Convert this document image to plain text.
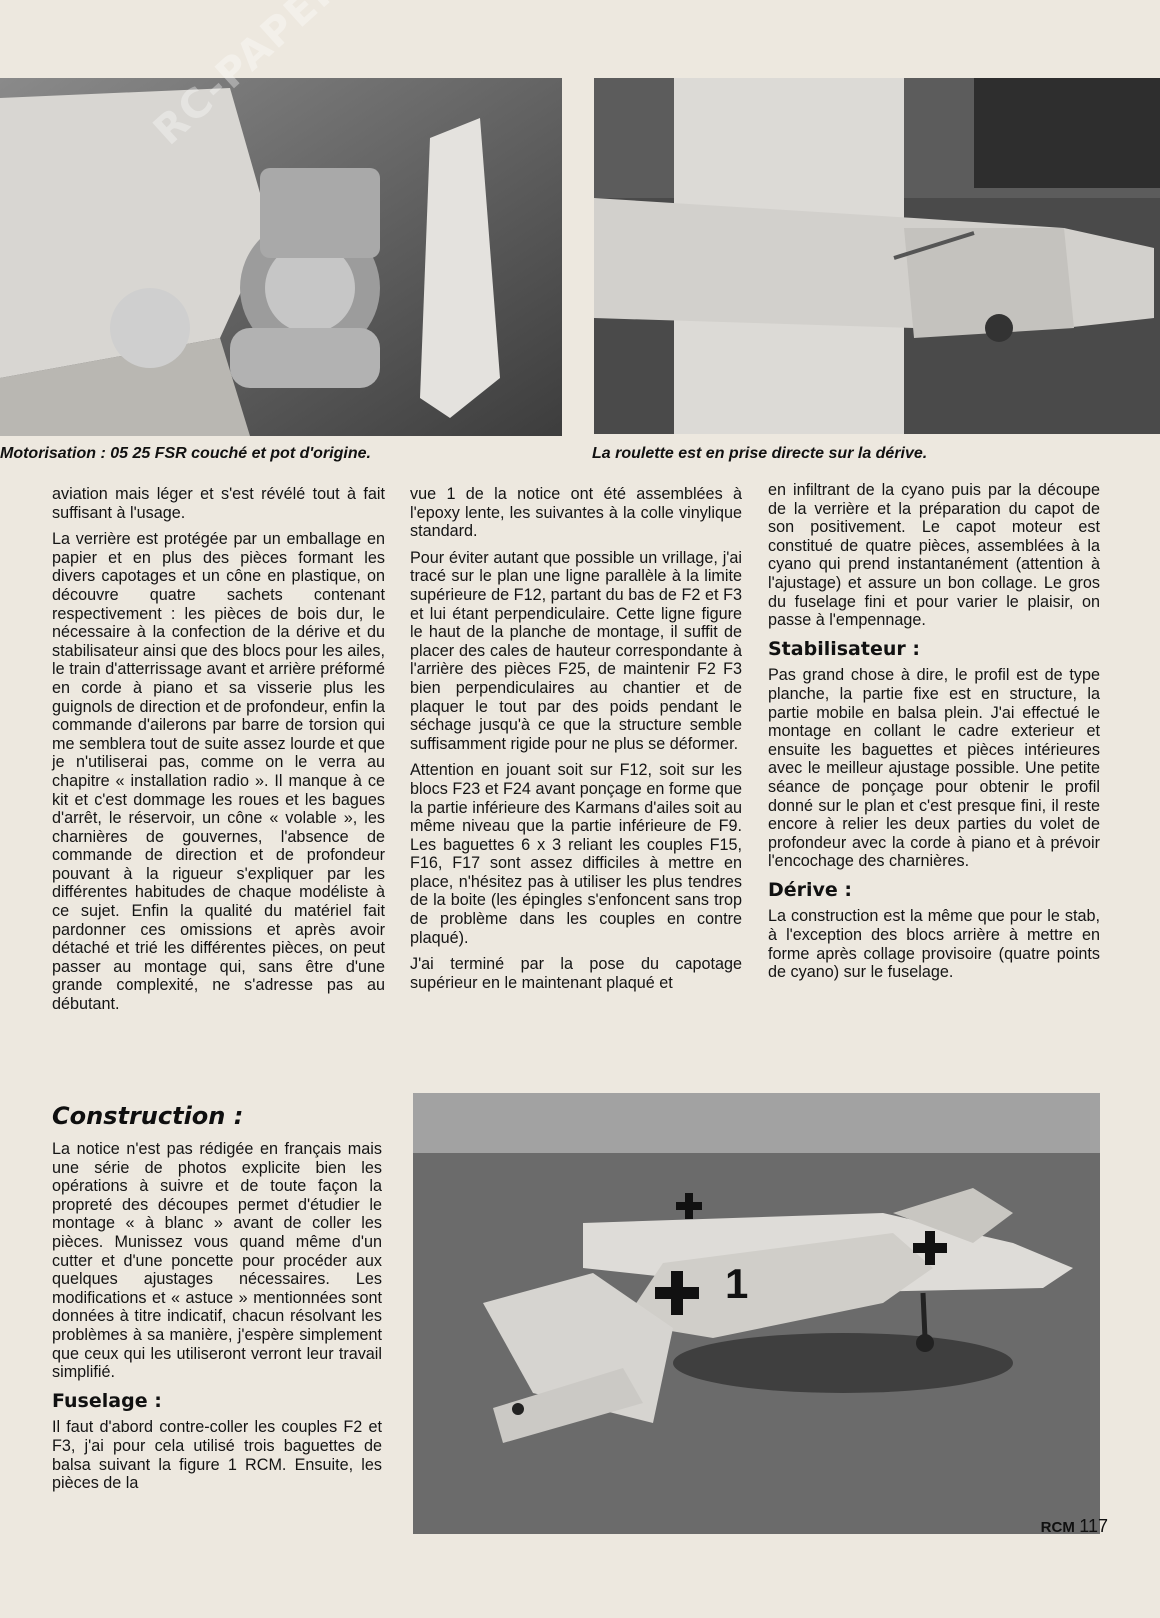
Motorisation : 05 25 FSR couché et pot d'origine.	La roulette est en prise directe sur la dérive.

aviation mais léger et s'est révélé tout à fait suffisant à l'usage.

La verrière est protégée par un emballage en papier et en plus des pièces formant les divers capotages et un cône en plastique, on découvre quatre sachets contenant respectivement : les pièces de bois dur, le nécessaire à la confection de la dérive et du stabilisateur ainsi que des blocs pour les ailes, le train d'atterrissage avant et arrière préformé en corde à piano et sa visserie plus les guignols de direction et de profondeur, enfin la commande d'ailerons par barre de torsion qui me semblera tout de suite assez lourde et que je n'utiliserai pas, comme on le verra au chapitre « installation radio ». Il manque à ce kit et c'est dommage les roues et les bagues d'arrêt, le réservoir, un cône « volable », les charnières de gouvernes, l'absence de commande de direction et de profondeur pouvant à la rigueur s'expliquer par les différentes habitudes de chaque modéliste à ce sujet. Enfin la qualité du matériel fait pardonner ces omissions et après avoir détaché et trié les différentes pièces, on peut passer au montage qui, sans être d'une grande complexité, ne s'adresse pas au débutant.

vue 1 de la notice ont été assemblées à l'epoxy lente, les suivantes à la colle vinylique standard.

Pour éviter autant que possible un vrillage, j'ai tracé sur le plan une ligne parallèle à la limite supérieure de F12, partant du bas de F2 et F3 et lui étant perpendiculaire. Cette ligne figure le haut de la planche de montage, il suffit de placer des cales de hauteur correspondante à l'arrière des pièces F25, de maintenir F2 F3 bien perpendiculaires au chantier et de plaquer le tout par des poids pendant le séchage jusqu'à ce que la structure semble suffisamment rigide pour ne plus se déformer.

Attention en jouant soit sur F12, soit sur les blocs F23 et F24 avant ponçage en forme que la partie inférieure des Karmans d'ailes soit au même niveau que la partie inférieure de F9. Les baguettes 6 x 3 reliant les couples F15, F16, F17 sont assez difficiles à mettre en place, n'hésitez pas à utiliser les plus tendres de la boite (les épingles s'enfoncent sans trop de problème dans les couples en contre plaqué).

J'ai terminé par la pose du capotage supérieur en le maintenant plaqué et

en infiltrant de la cyano puis par la découpe de la verrière et la préparation du capot de son positivement. Le capot moteur est constitué de quatre pièces, assemblées à la cyano qui prend instantanément (attention à l'ajustage) et assure un bon collage. Le gros du fuselage fini et pour varier le plaisir, on passe à l'empennage.

Stabilisateur :

Pas grand chose à dire, le profil est de type planche, la partie fixe est en structure, la partie mobile en balsa plein. J'ai effectué le montage en collant le cadre exterieur et ensuite les baguettes et pièces intérieures avec le meilleur ajustage possible. Une petite séance de ponçage pour obtenir le profil donné sur le plan et c'est presque fini, il reste encore à relier les deux parties du volet de profondeur avec la corde à piano et à prévoir l'encochage des charnières.

Dérive :

La construction est la même que pour le stab, à l'exception des blocs arrière à mettre en forme après collage provisoire (quatre points de cyano) sur le fuselage.

Construction :

La notice n'est pas rédigée en français mais une série de photos explicite bien les opérations à suivre et de toute façon la propreté des découpes permet d'étudier le montage « à blanc » avant de coller les pièces. Munissez vous quand même d'un cutter et d'une poncette pour procéder aux quelques ajustages nécessaires. Les modifications et « astuce » mentionnées sont données à titre indicatif, chacun résolvant les problèmes à sa manière, j'espère simplement que ceux qui les utiliseront verront leur travail simplifié.

Fuselage :

Il faut d'abord contre-coller les couples F2 et F3, j'ai pour cela utilisé trois baguettes de balsa suivant la figure 1 RCM. Ensuite, les pièces de la

1
RCM 117
